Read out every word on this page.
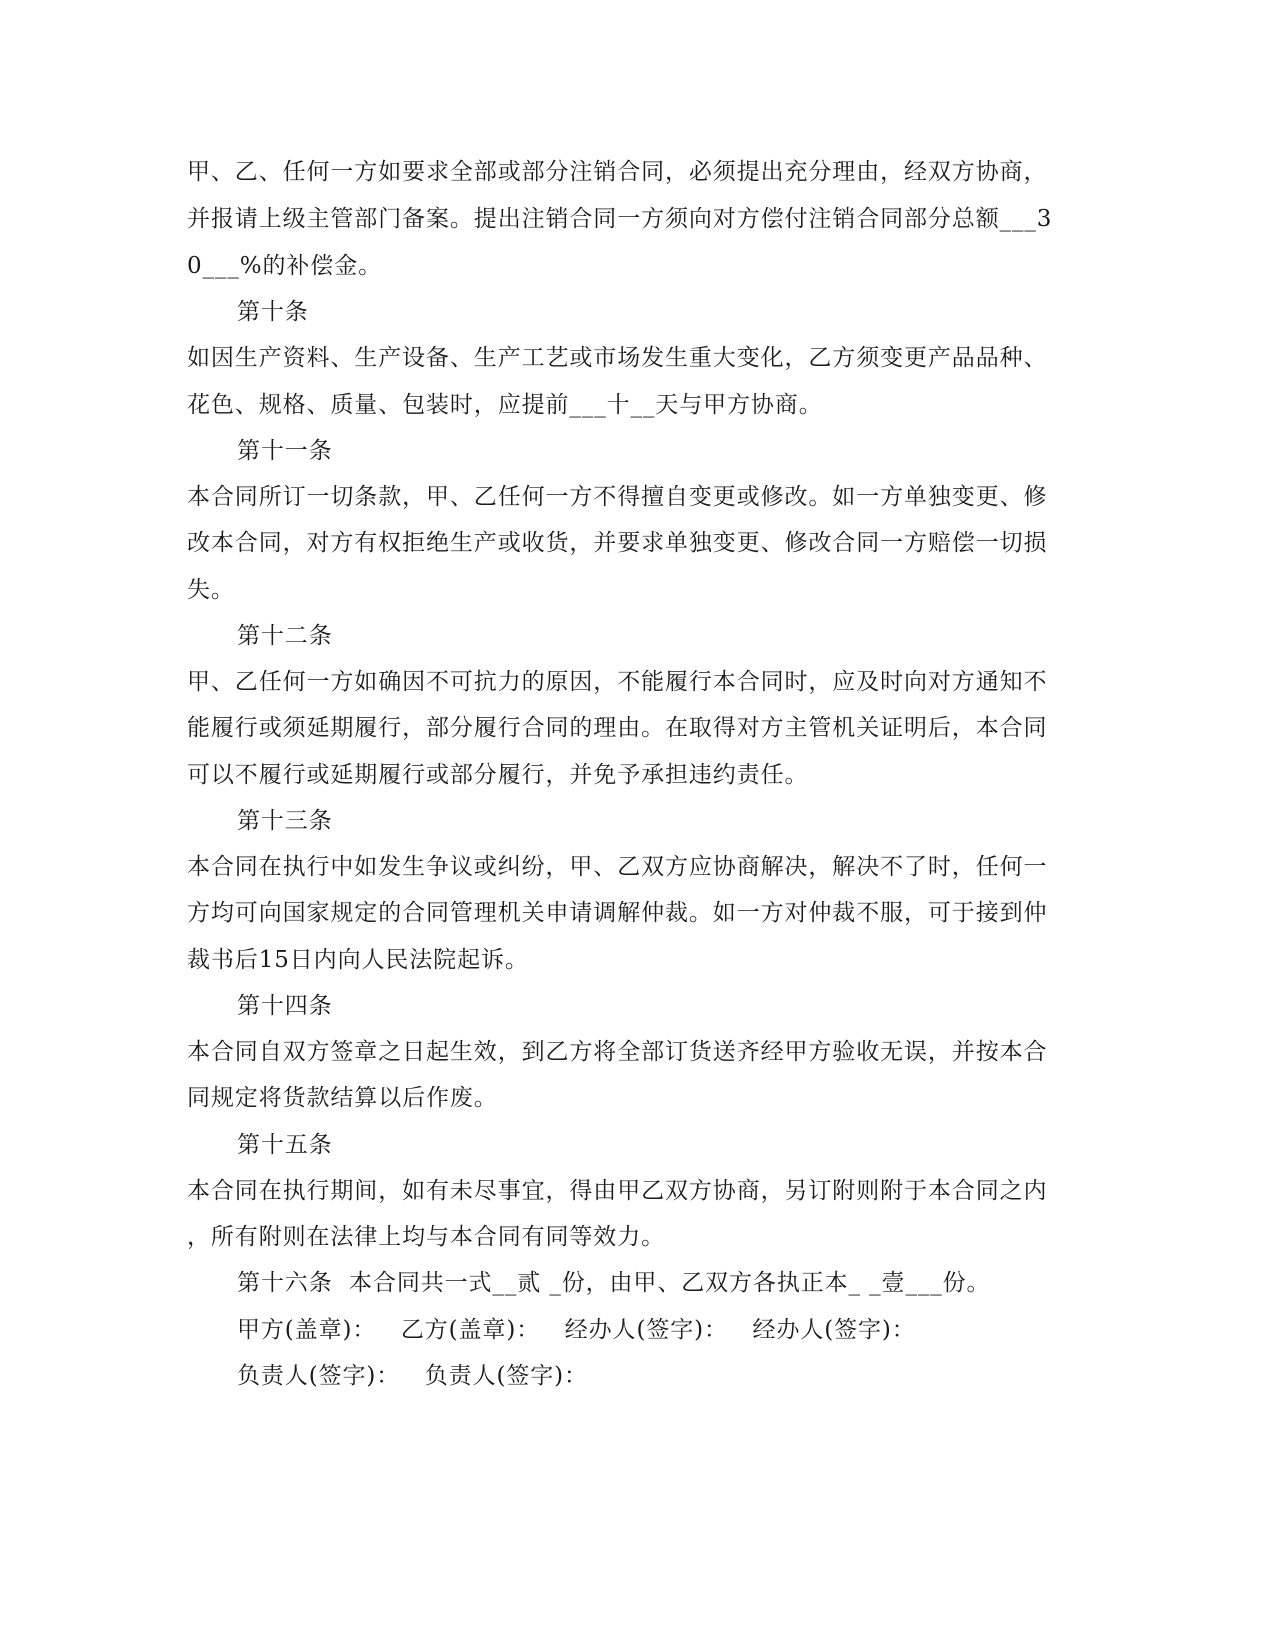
甲、乙、任何一方如要求全部或部分注销合同，必须提出充分理由，经双方协商，
并报请上级主管部门备案。提出注销合同一方须向对方偿付注销合同部分总额___3
0___%的补偿金。
第十条
如因生产资料、生产设备、生产工艺或市场发生重大变化，乙方须变更产品品种、
花色、规格、质量、包装时，应提前___十__天与甲方协商。
第十一条
本合同所订一切条款，甲、乙任何一方不得擅自变更或修改。如一方单独变更、修
改本合同，对方有权拒绝生产或收货，并要求单独变更、修改合同一方赔偿一切损
失。
第十二条
甲、乙任何一方如确因不可抗力的原因，不能履行本合同时，应及时向对方通知不
能履行或须延期履行，部分履行合同的理由。在取得对方主管机关证明后，本合同
可以不履行或延期履行或部分履行，并免予承担违约责任。
第十三条
本合同在执行中如发生争议或纠纷，甲、乙双方应协商解决，解决不了时，任何一
方均可向国家规定的合同管理机关申请调解仲裁。如一方对仲裁不服，可于接到仲
裁书后15日内向人民法院起诉。
第十四条
本合同自双方签章之日起生效，到乙方将全部订货送齐经甲方验收无误，并按本合
同规定将货款结算以后作废。
第十五条
本合同在执行期间，如有未尽事宜，得由甲乙双方协商，另订附则附于本合同之内
，所有附则在法律上均与本合同有同等效力。
第十六条  本合同共一式__贰 _份，由甲、乙双方各执正本_ _壹___份。
甲方(盖章)：   乙方(盖章)：   经办人(签字)：   经办人(签字)：
负责人(签字)：   负责人(签字)：
